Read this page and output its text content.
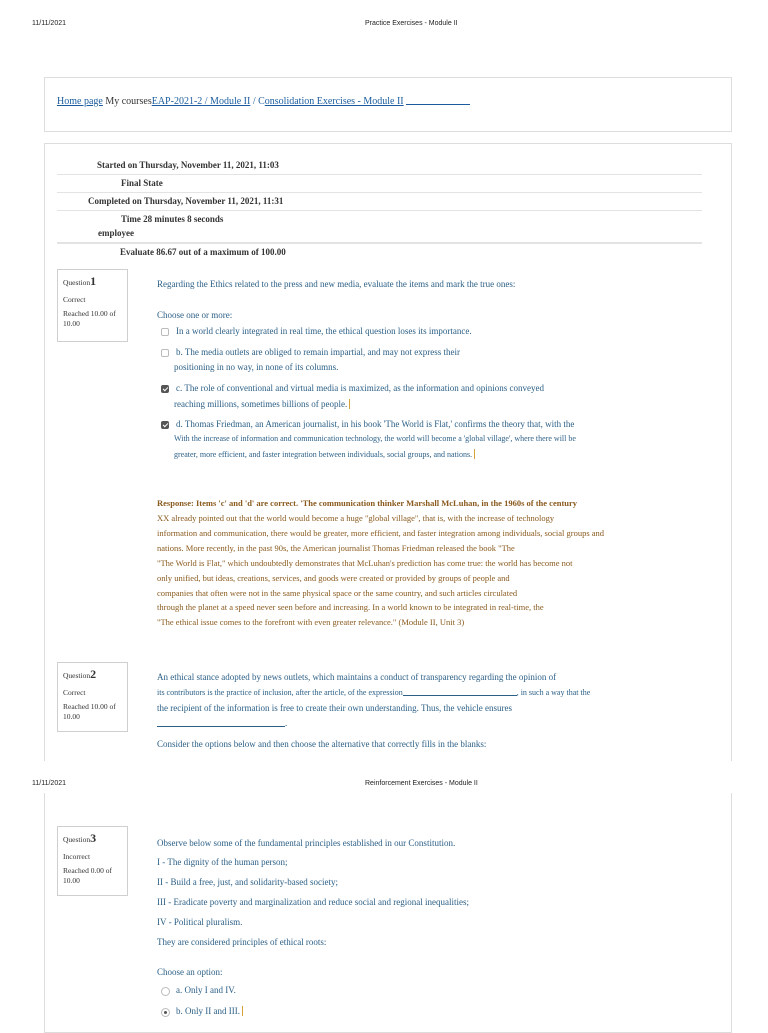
11/11/2021	Practice Exercises - Module II
Home page My coursesEAP-2021-2 / Module II / Consolidation Exercises - Module II
Started on Thursday, November 11, 2021, 11:03
Final State
Completed on Thursday, November 11, 2021, 11:31
Time 28 minutes 8 seconds
employee
Evaluate 86.67 out of a maximum of 100.00
Question1
Correct
Reached 10.00 of
10.00
Regarding the Ethics related to the press and new media, evaluate the items and mark the true ones:
Choose one or more:
In a world clearly integrated in real time, the ethical question loses its importance.
b. The media outlets are obliged to remain impartial, and may not express their
positioning in no way, in none of its columns.
c. The role of conventional and virtual media is maximized, as the information and opinions conveyed
reaching millions, sometimes billions of people.
d. Thomas Friedman, an American journalist, in his book 'The World is Flat,' confirms the theory that, with the
With the increase of information and communication technology, the world will become a 'global village', where there will be
greater, more efficient, and faster integration between individuals, social groups, and nations.
Response: Items 'c' and 'd' are correct. 'The communication thinker Marshall McLuhan, in the 1960s of the century
XX already pointed out that the world would become a huge "global village", that is, with the increase of technology
information and communication, there would be greater, more efficient, and faster integration among individuals, social groups and
nations. More recently, in the past 90s, the American journalist Thomas Friedman released the book "The
"The World is Flat," which undoubtedly demonstrates that McLuhan's prediction has come true: the world has become not
only unified, but ideas, creations, services, and goods were created or provided by groups of people and
companies that often were not in the same physical space or the same country, and such articles circulated
through the planet at a speed never seen before and increasing. In a world known to be integrated in real-time, the
"The ethical issue comes to the forefront with even greater relevance." (Module II, Unit 3)
Question2
Correct
Reached 10.00 of
10.00
An ethical stance adopted by news outlets, which maintains a conduct of transparency regarding the opinion of
its contributors is the practice of inclusion, after the article, of the expression	, in such a way that the
the recipient of the information is free to create their own understanding. Thus, the vehicle ensures
.
Consider the options below and then choose the alternative that correctly fills in the blanks:
11/11/2021	Reinforcement Exercises - Module II
Question3
Incorrect
Reached 0.00 of
10.00
Observe below some of the fundamental principles established in our Constitution.
I - The dignity of the human person;
II - Build a free, just, and solidarity-based society;
III - Eradicate poverty and marginalization and reduce social and regional inequalities;
IV - Political pluralism.
They are considered principles of ethical roots:
Choose an option:
a. Only I and IV.
b. Only II and III.
